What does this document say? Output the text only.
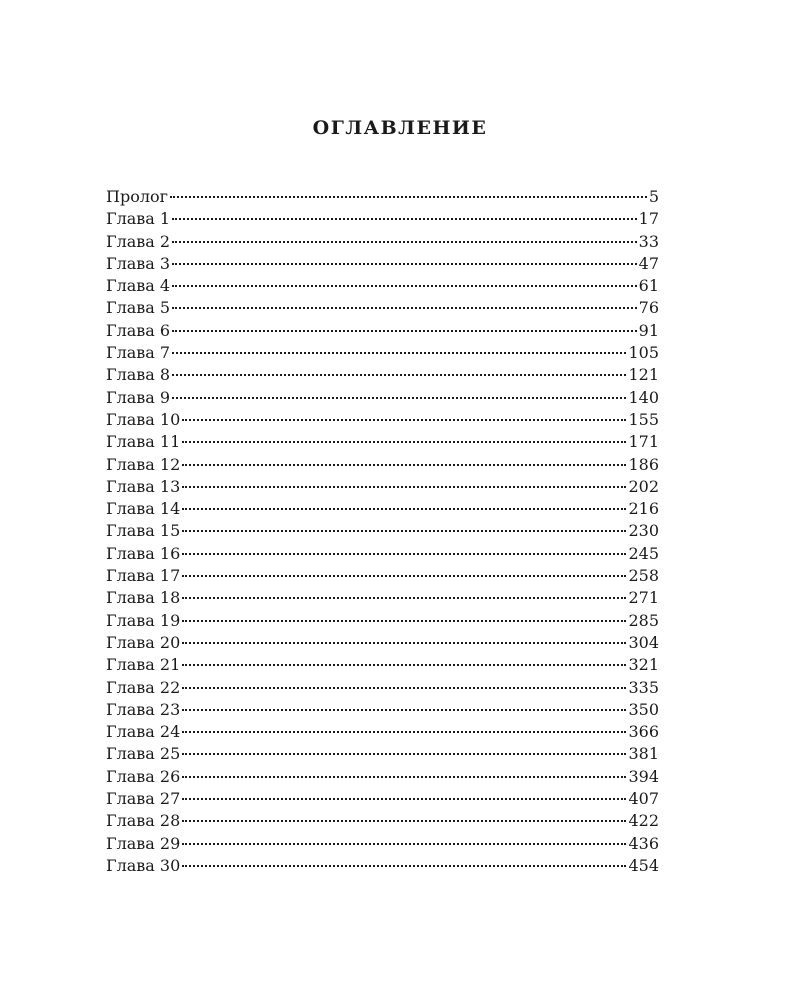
ОГЛАВЛЕНИЕ
Пролог	5
Глава 1	17
Глава 2	33
Глава 3	47
Глава 4	61
Глава 5	76
Глава 6	91
Глава 7	105
Глава 8	121
Глава 9	140
Глава 10	155
Глава 11	171
Глава 12	186
Глава 13	202
Глава 14	216
Глава 15	230
Глава 16	245
Глава 17	258
Глава 18	271
Глава 19	285
Глава 20	304
Глава 21	321
Глава 22	335
Глава 23	350
Глава 24	366
Глава 25	381
Глава 26	394
Глава 27	407
Глава 28	422
Глава 29	436
Глава 30	454
